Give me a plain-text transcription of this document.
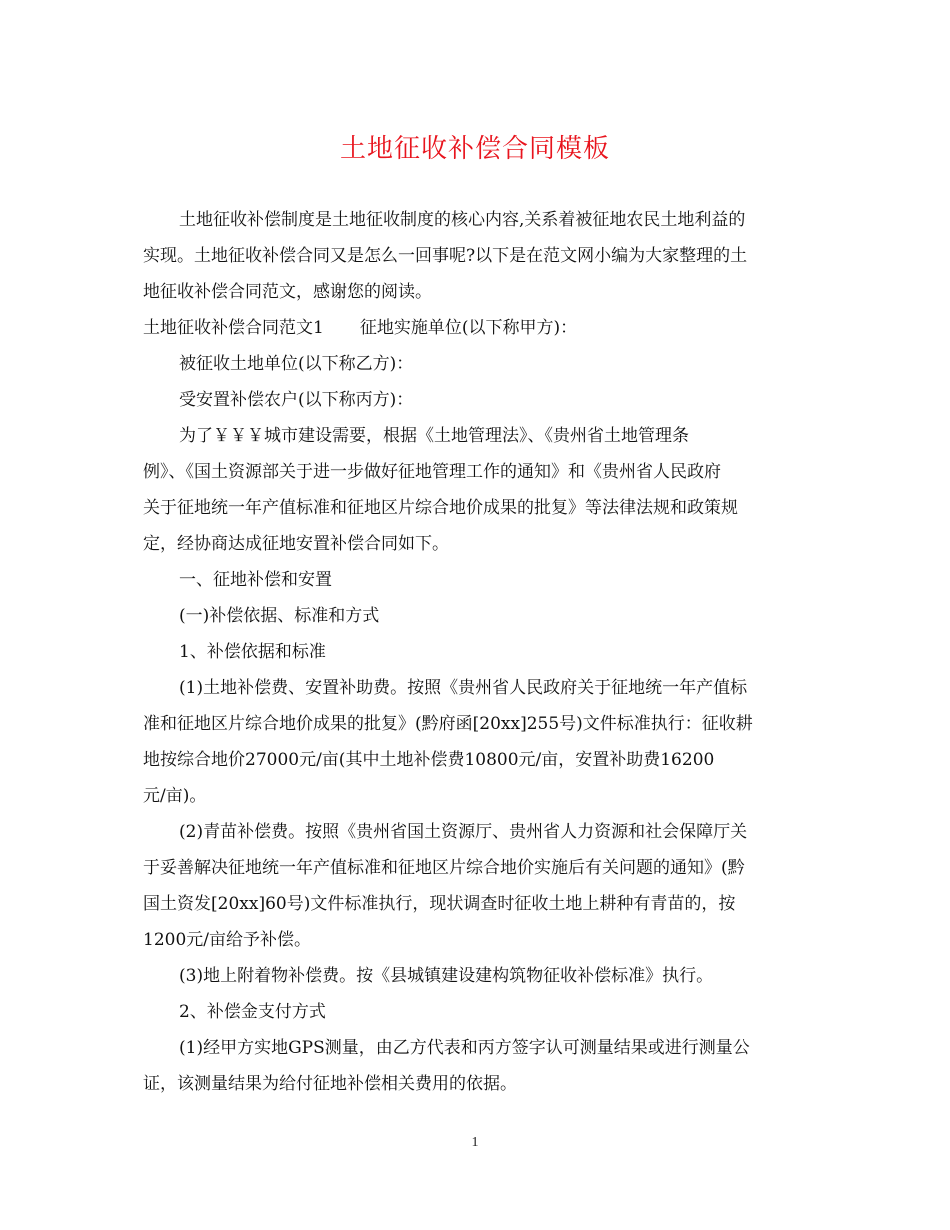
土地征收补偿合同模板

土地征收补偿制度是土地征收制度的核心内容,关系着被征地农民土地利益的

实现。土地征收补偿合同又是怎么一回事呢?以下是在范文网小编为大家整理的土

地征收补偿合同范文，感谢您的阅读。

土地征收补偿合同范文1 征地实施单位(以下称甲方)：

被征收土地单位(以下称乙方)：

受安置补偿农户(以下称丙方)：

为了￥￥￥城市建设需要，根据《土地管理法》、《贵州省土地管理条

例》、《国土资源部关于进一步做好征地管理工作的通知》和《贵州省人民政府

关于征地统一年产值标准和征地区片综合地价成果的批复》等法律法规和政策规

定，经协商达成征地安置补偿合同如下。

一、征地补偿和安置

(一)补偿依据、标准和方式

1、补偿依据和标准

(1)土地补偿费、安置补助费。按照《贵州省人民政府关于征地统一年产值标

准和征地区片综合地价成果的批复》(黔府函[20xx]255号)文件标准执行：征收耕

地按综合地价27000元/亩(其中土地补偿费10800元/亩，安置补助费16200

元/亩)。

(2)青苗补偿费。按照《贵州省国土资源厅、贵州省人力资源和社会保障厅关

于妥善解决征地统一年产值标准和征地区片综合地价实施后有关问题的通知》(黔

国土资发[20xx]60号)文件标准执行，现状调查时征收土地上耕种有青苗的，按

1200元/亩给予补偿。

(3)地上附着物补偿费。按《县城镇建设建构筑物征收补偿标准》执行。

2、补偿金支付方式

(1)经甲方实地GPS测量，由乙方代表和丙方签字认可测量结果或进行测量公

证，该测量结果为给付征地补偿相关费用的依据。

1
